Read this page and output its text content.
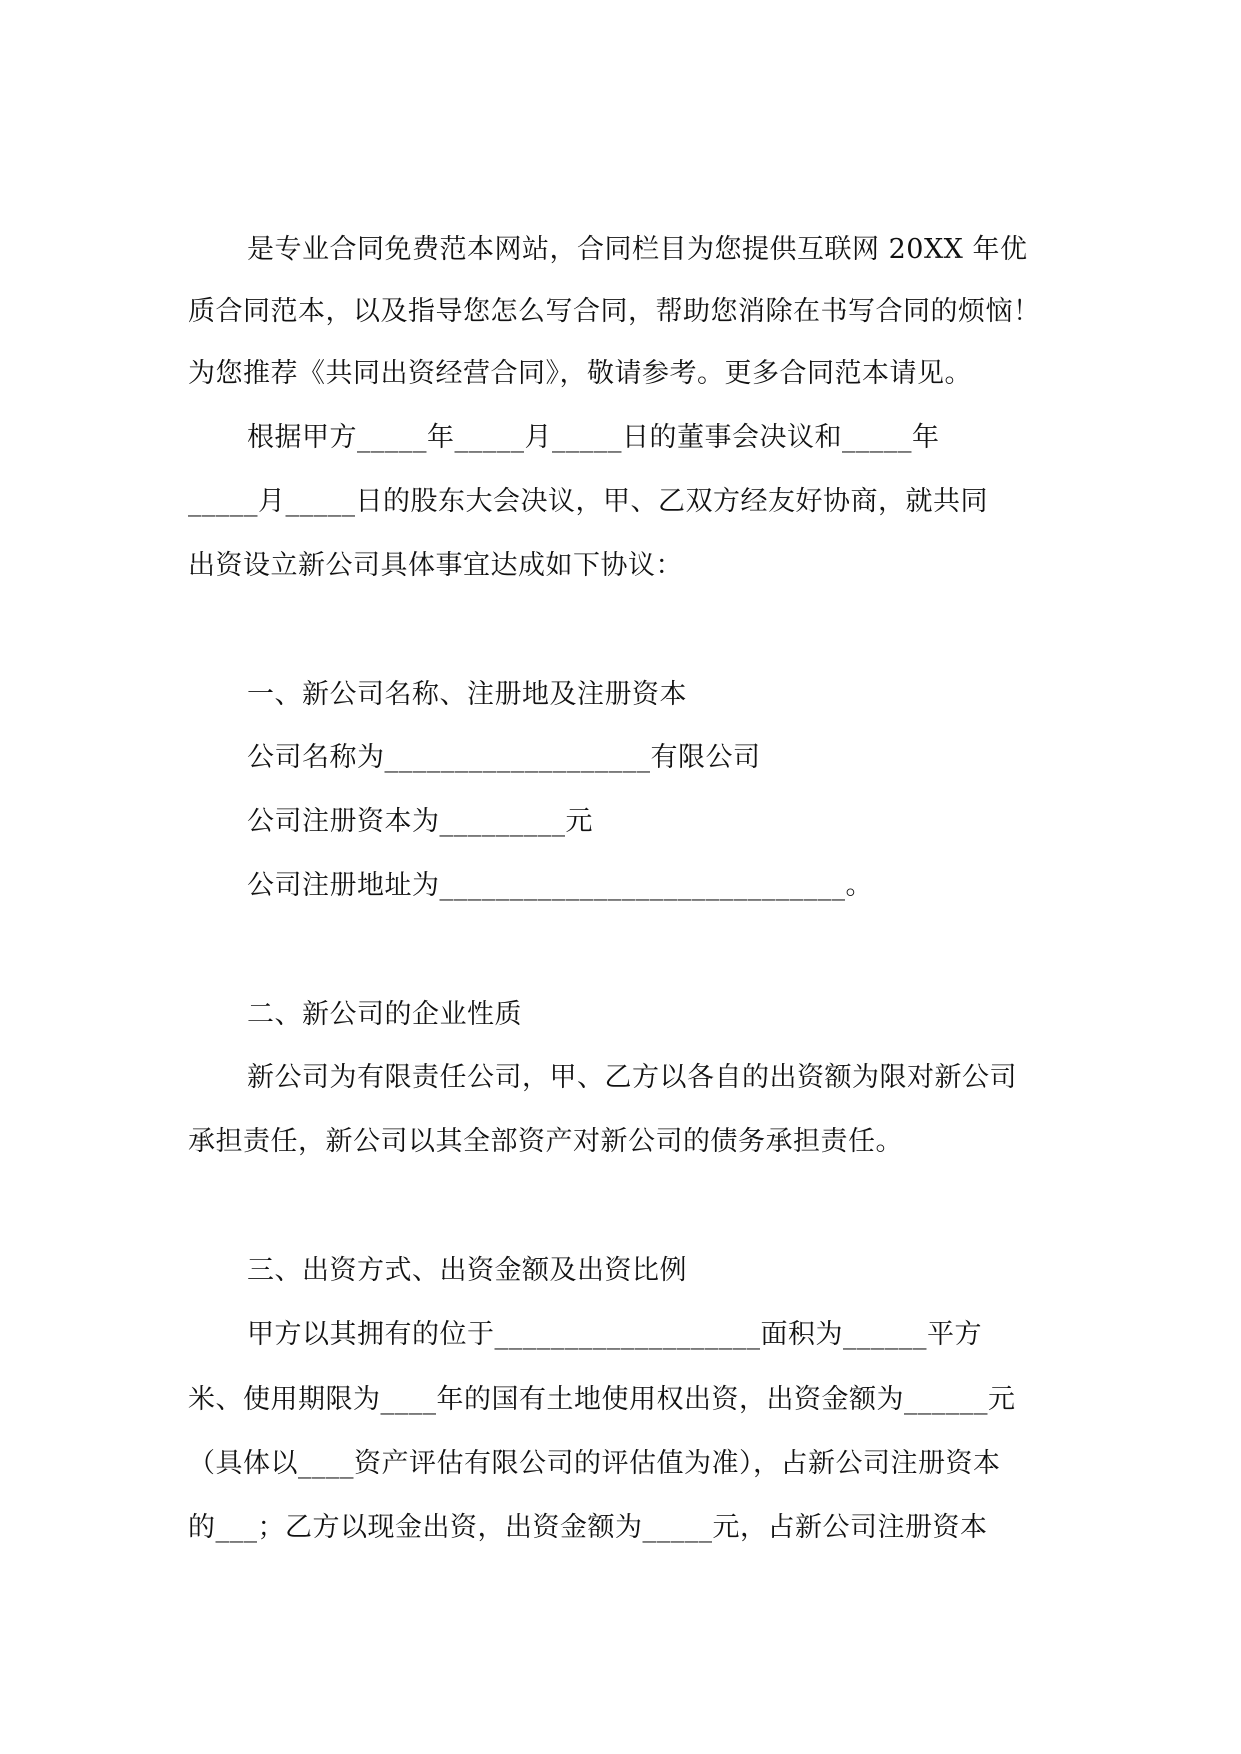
是专业合同免费范本网站，合同栏目为您提供互联网 20XX 年优
质合同范本，以及指导您怎么写合同，帮助您消除在书写合同的烦恼！
为您推荐《共同出资经营合同》，敬请参考。更多合同范本请见。
根据甲方_____年_____月_____日的董事会决议和_____年
_____月_____日的股东大会决议，甲、乙双方经友好协商，就共同
出资设立新公司具体事宜达成如下协议：
一、新公司名称、注册地及注册资本
公司名称为___________________有限公司
公司注册资本为_________元
公司注册地址为_____________________________。
二、新公司的企业性质
新公司为有限责任公司，甲、乙方以各自的出资额为限对新公司
承担责任，新公司以其全部资产对新公司的债务承担责任。
三、出资方式、出资金额及出资比例
甲方以其拥有的位于___________________面积为______平方
米、使用期限为____年的国有土地使用权出资，出资金额为______元
（具体以____资产评估有限公司的评估值为准），占新公司注册资本
的___；乙方以现金出资，出资金额为_____元，占新公司注册资本
